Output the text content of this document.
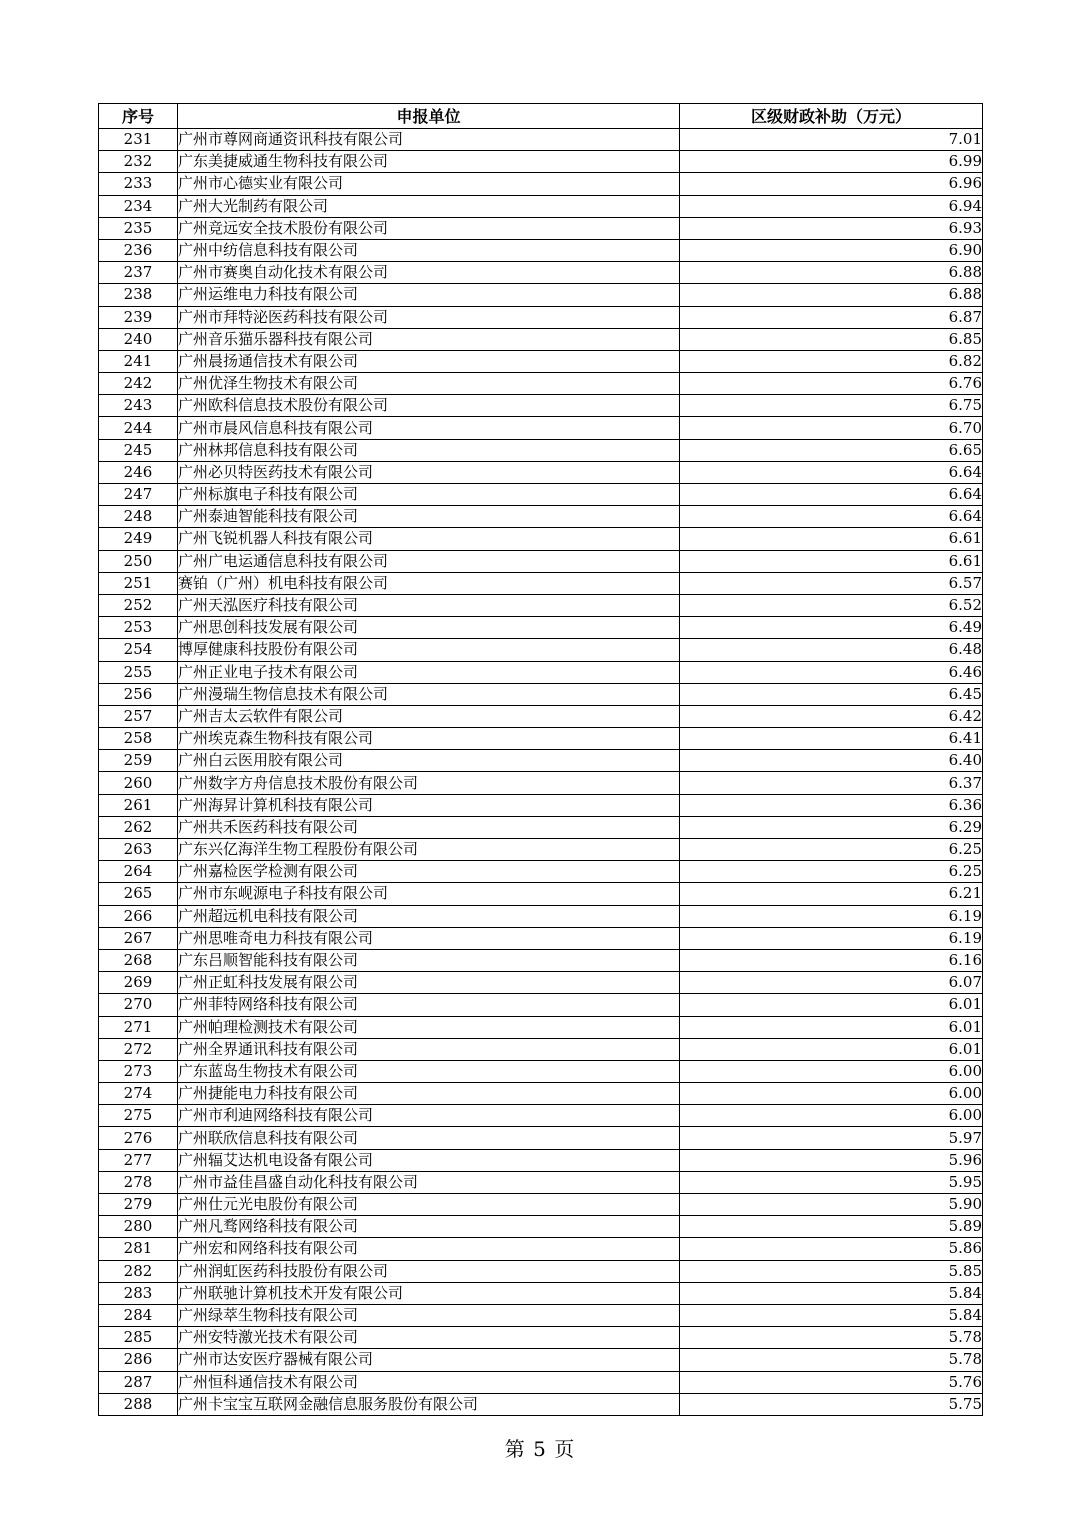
序号	申报单位	区级财政补助（万元）
231	广州市尊网商通资讯科技有限公司	7.01
232	广东美捷威通生物科技有限公司	6.99
233	广州市心德实业有限公司	6.96
234	广州大光制药有限公司	6.94
235	广州竞远安全技术股份有限公司	6.93
236	广州中纺信息科技有限公司	6.90
237	广州市赛奥自动化技术有限公司	6.88
238	广州运维电力科技有限公司	6.88
239	广州市拜特泌医药科技有限公司	6.87
240	广州音乐猫乐器科技有限公司	6.85
241	广州晨扬通信技术有限公司	6.82
242	广州优泽生物技术有限公司	6.76
243	广州欧科信息技术股份有限公司	6.75
244	广州市晨风信息科技有限公司	6.70
245	广州林邦信息科技有限公司	6.65
246	广州必贝特医药技术有限公司	6.64
247	广州标旗电子科技有限公司	6.64
248	广州泰迪智能科技有限公司	6.64
249	广州飞锐机器人科技有限公司	6.61
250	广州广电运通信息科技有限公司	6.61
251	赛铂（广州）机电科技有限公司	6.57
252	广州天泓医疗科技有限公司	6.52
253	广州思创科技发展有限公司	6.49
254	博厚健康科技股份有限公司	6.48
255	广州正业电子技术有限公司	6.46
256	广州漫瑞生物信息技术有限公司	6.45
257	广州吉太云软件有限公司	6.42
258	广州埃克森生物科技有限公司	6.41
259	广州白云医用胶有限公司	6.40
260	广州数字方舟信息技术股份有限公司	6.37
261	广州海昇计算机科技有限公司	6.36
262	广州共禾医药科技有限公司	6.29
263	广东兴亿海洋生物工程股份有限公司	6.25
264	广州嘉检医学检测有限公司	6.25
265	广州市东岘源电子科技有限公司	6.21
266	广州超远机电科技有限公司	6.19
267	广州思唯奇电力科技有限公司	6.19
268	广东吕顺智能科技有限公司	6.16
269	广州正虹科技发展有限公司	6.07
270	广州菲特网络科技有限公司	6.01
271	广州帕理检测技术有限公司	6.01
272	广州全界通讯科技有限公司	6.01
273	广东蓝岛生物技术有限公司	6.00
274	广州捷能电力科技有限公司	6.00
275	广州市利迪网络科技有限公司	6.00
276	广州联欣信息科技有限公司	5.97
277	广州辐艾达机电设备有限公司	5.96
278	广州市益佳昌盛自动化科技有限公司	5.95
279	广州仕元光电股份有限公司	5.90
280	广州凡骛网络科技有限公司	5.89
281	广州宏和网络科技有限公司	5.86
282	广州润虹医药科技股份有限公司	5.85
283	广州联驰计算机技术开发有限公司	5.84
284	广州绿萃生物科技有限公司	5.84
285	广州安特激光技术有限公司	5.78
286	广州市达安医疗器械有限公司	5.78
287	广州恒科通信技术有限公司	5.76
288	广州卡宝宝互联网金融信息服务股份有限公司	5.75
第 5 页
